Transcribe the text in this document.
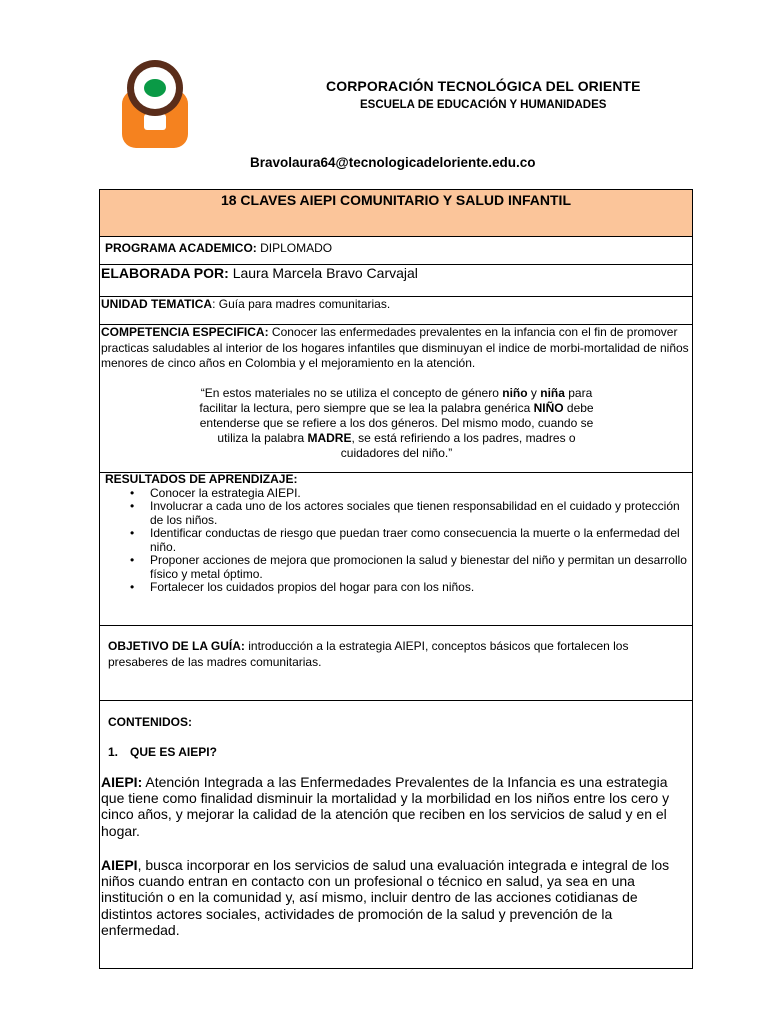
CORPORACIÓN TECNOLÓGICA DEL ORIENTE
ESCUELA DE EDUCACIÓN Y HUMANIDADES
Bravolaura64@tecnologicadeloriente.edu.co
18 CLAVES AIEPI COMUNITARIO Y SALUD INFANTIL
PROGRAMA ACADEMICO: DIPLOMADO
ELABORADA POR: Laura Marcela Bravo Carvajal
UNIDAD TEMATICA: Guía para madres comunitarias.
COMPETENCIA ESPECIFICA: Conocer las enfermedades prevalentes en la infancia con el fin de promover practicas saludables al interior de los hogares infantiles que disminuyan el indice de morbi-mortalidad de niños menores de cinco años en Colombia y el mejoramiento en la atención.
“En estos materiales no se utiliza el concepto de género niño y niña para facilitar la lectura, pero siempre que se lea la palabra genérica NIÑO debe entenderse que se refiere a los dos géneros. Del mismo modo, cuando se utiliza la palabra MADRE, se está refiriendo a los padres, madres o cuidadores del niño.”
RESULTADOS DE APRENDIZAJE:
• Conocer la estrategia AIEPI.
• Involucrar a cada uno de los actores sociales que tienen responsabilidad en el cuidado y protección de los niños.
• Identificar conductas de riesgo que puedan traer como consecuencia la muerte o la enfermedad del niño.
• Proponer acciones de mejora que promocionen la salud y bienestar del niño y permitan un desarrollo físico y metal óptimo.
• Fortalecer los cuidados propios del hogar para con los niños.
OBJETIVO DE LA GUÍA: introducción a la estrategia AIEPI, conceptos básicos que fortalecen los presaberes de las madres comunitarias.
CONTENIDOS:
1. QUE ES AIEPI?
AIEPI: Atención Integrada a las Enfermedades Prevalentes de la Infancia es una estrategia que tiene como finalidad disminuir la mortalidad y la morbilidad en los niños entre los cero y cinco años, y mejorar la calidad de la atención que reciben en los servicios de salud y en el hogar.
AIEPI, busca incorporar en los servicios de salud una evaluación integrada e integral de los niños cuando entran en contacto con un profesional o técnico en salud, ya sea en una institución o en la comunidad y, así mismo, incluir dentro de las acciones cotidianas de distintos actores sociales, actividades de promoción de la salud y prevención de la enfermedad.
